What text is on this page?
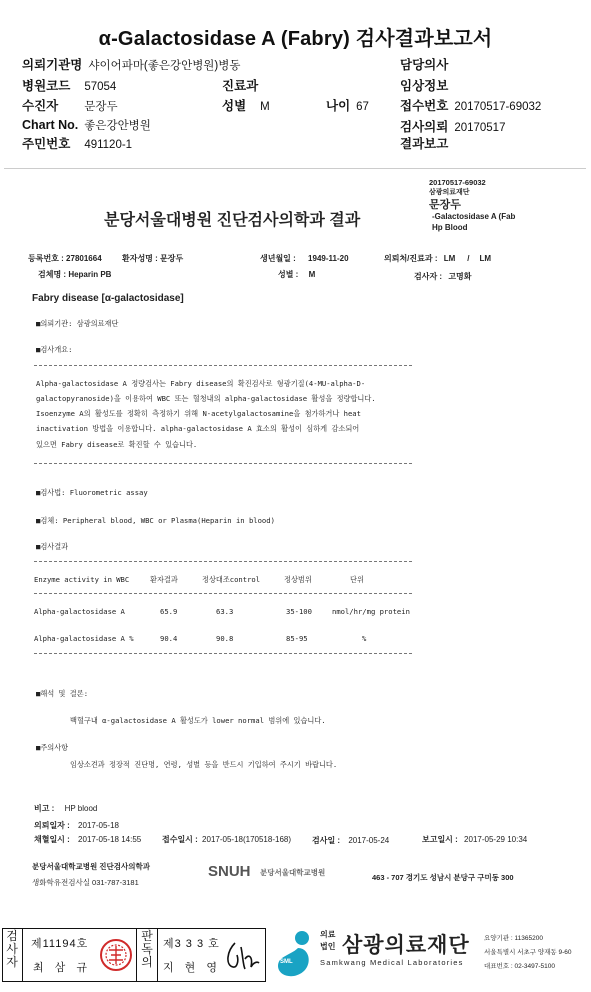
α-Galactosidase A (Fabry) 검사결과보고서
의뢰기관명 샤이어파마(좋은강안병원)병동	담당의사
병원코드 57054	진료과	임상정보
수진자 문장두	성별 M	나이 67 접수번호 20170517-69032
Chart No. 좋은강안병원	검사의뢰 20170517
주민번호 491120-1	결과보고
20170517-69032
삼광의료재단
문장두
-Galactosidase A (Fab
Hp Blood
분당서울대병원 진단검사의학과 결과
등록번호 : 27801664	환자성명 : 문장두	생년월일 : 1949-11-20	의뢰처/진료과 : LM / LM
검체명 : Heparin PB	성별 : M	검사자 : 고명화
Fabry disease [α-galactosidase]
■의뢰기관: 삼광의료재단
■검사개요:
Alpha-galactosidase A 정량검사는 Fabry disease의 확진검사로 형광기질(4-MU-alpha-D-
galactopyranoside)을 이용하여 WBC 또는 혈청내의 alpha-galactosidase 활성을 정량합니다.
Isoenzyme A의 활성도를 정확히 측정하기 위해 N-acetylgalactosamine을 첨가하거나 heat
inactivation 방법을 이용합니다. alpha-galactosidase A 효소의 활성이 심하게 감소되어
있으면 Fabry disease로 확진할 수 있습니다.
■검사법: Fluorometric assay
■검체: Peripheral blood, WBC or Plasma(Heparin in blood)
■검사결과
Enzyme activity in WBC	환자결과	정상대조control	정상범위	단위
Alpha-galactosidase A	65.9	63.3	35-100	nmol/hr/mg protein
Alpha-galactosidase A %	90.4	90.8	85-95	%
■해석 및 결론:
백혈구내 α-galactosidase A 활성도가 lower normal 범위에 있습니다.
■주의사항
임상소견과 정장적 진단명, 연령, 성별 등을 반드시 기입하여 주시기 바랍니다.
비고 : HP blood
의뢰일자 : 2017-05-18
채혈일시 : 2017-05-18 14:55	접수일시 : 2017-05-18(170518-168)	검사일 : 2017-05-24	보고일시 : 2017-05-29 10:34
분당서울대학교병원 진단검사의학과
생화학유전검사실 031-787-3181
SNUH 분당서울대학교병원
463 - 707 경기도 성남시 분당구 구미동 300
검사자
제11194호
최 삼 규
판독의
제3 3 3 호
지 현 영	SML
의료
법인 삼광의료재단
Samkwang Medical Laboratories
요양기관 : 11365200
서울특별시 서초구 양재동 9-60
대표번호 : 02-3497-5100
